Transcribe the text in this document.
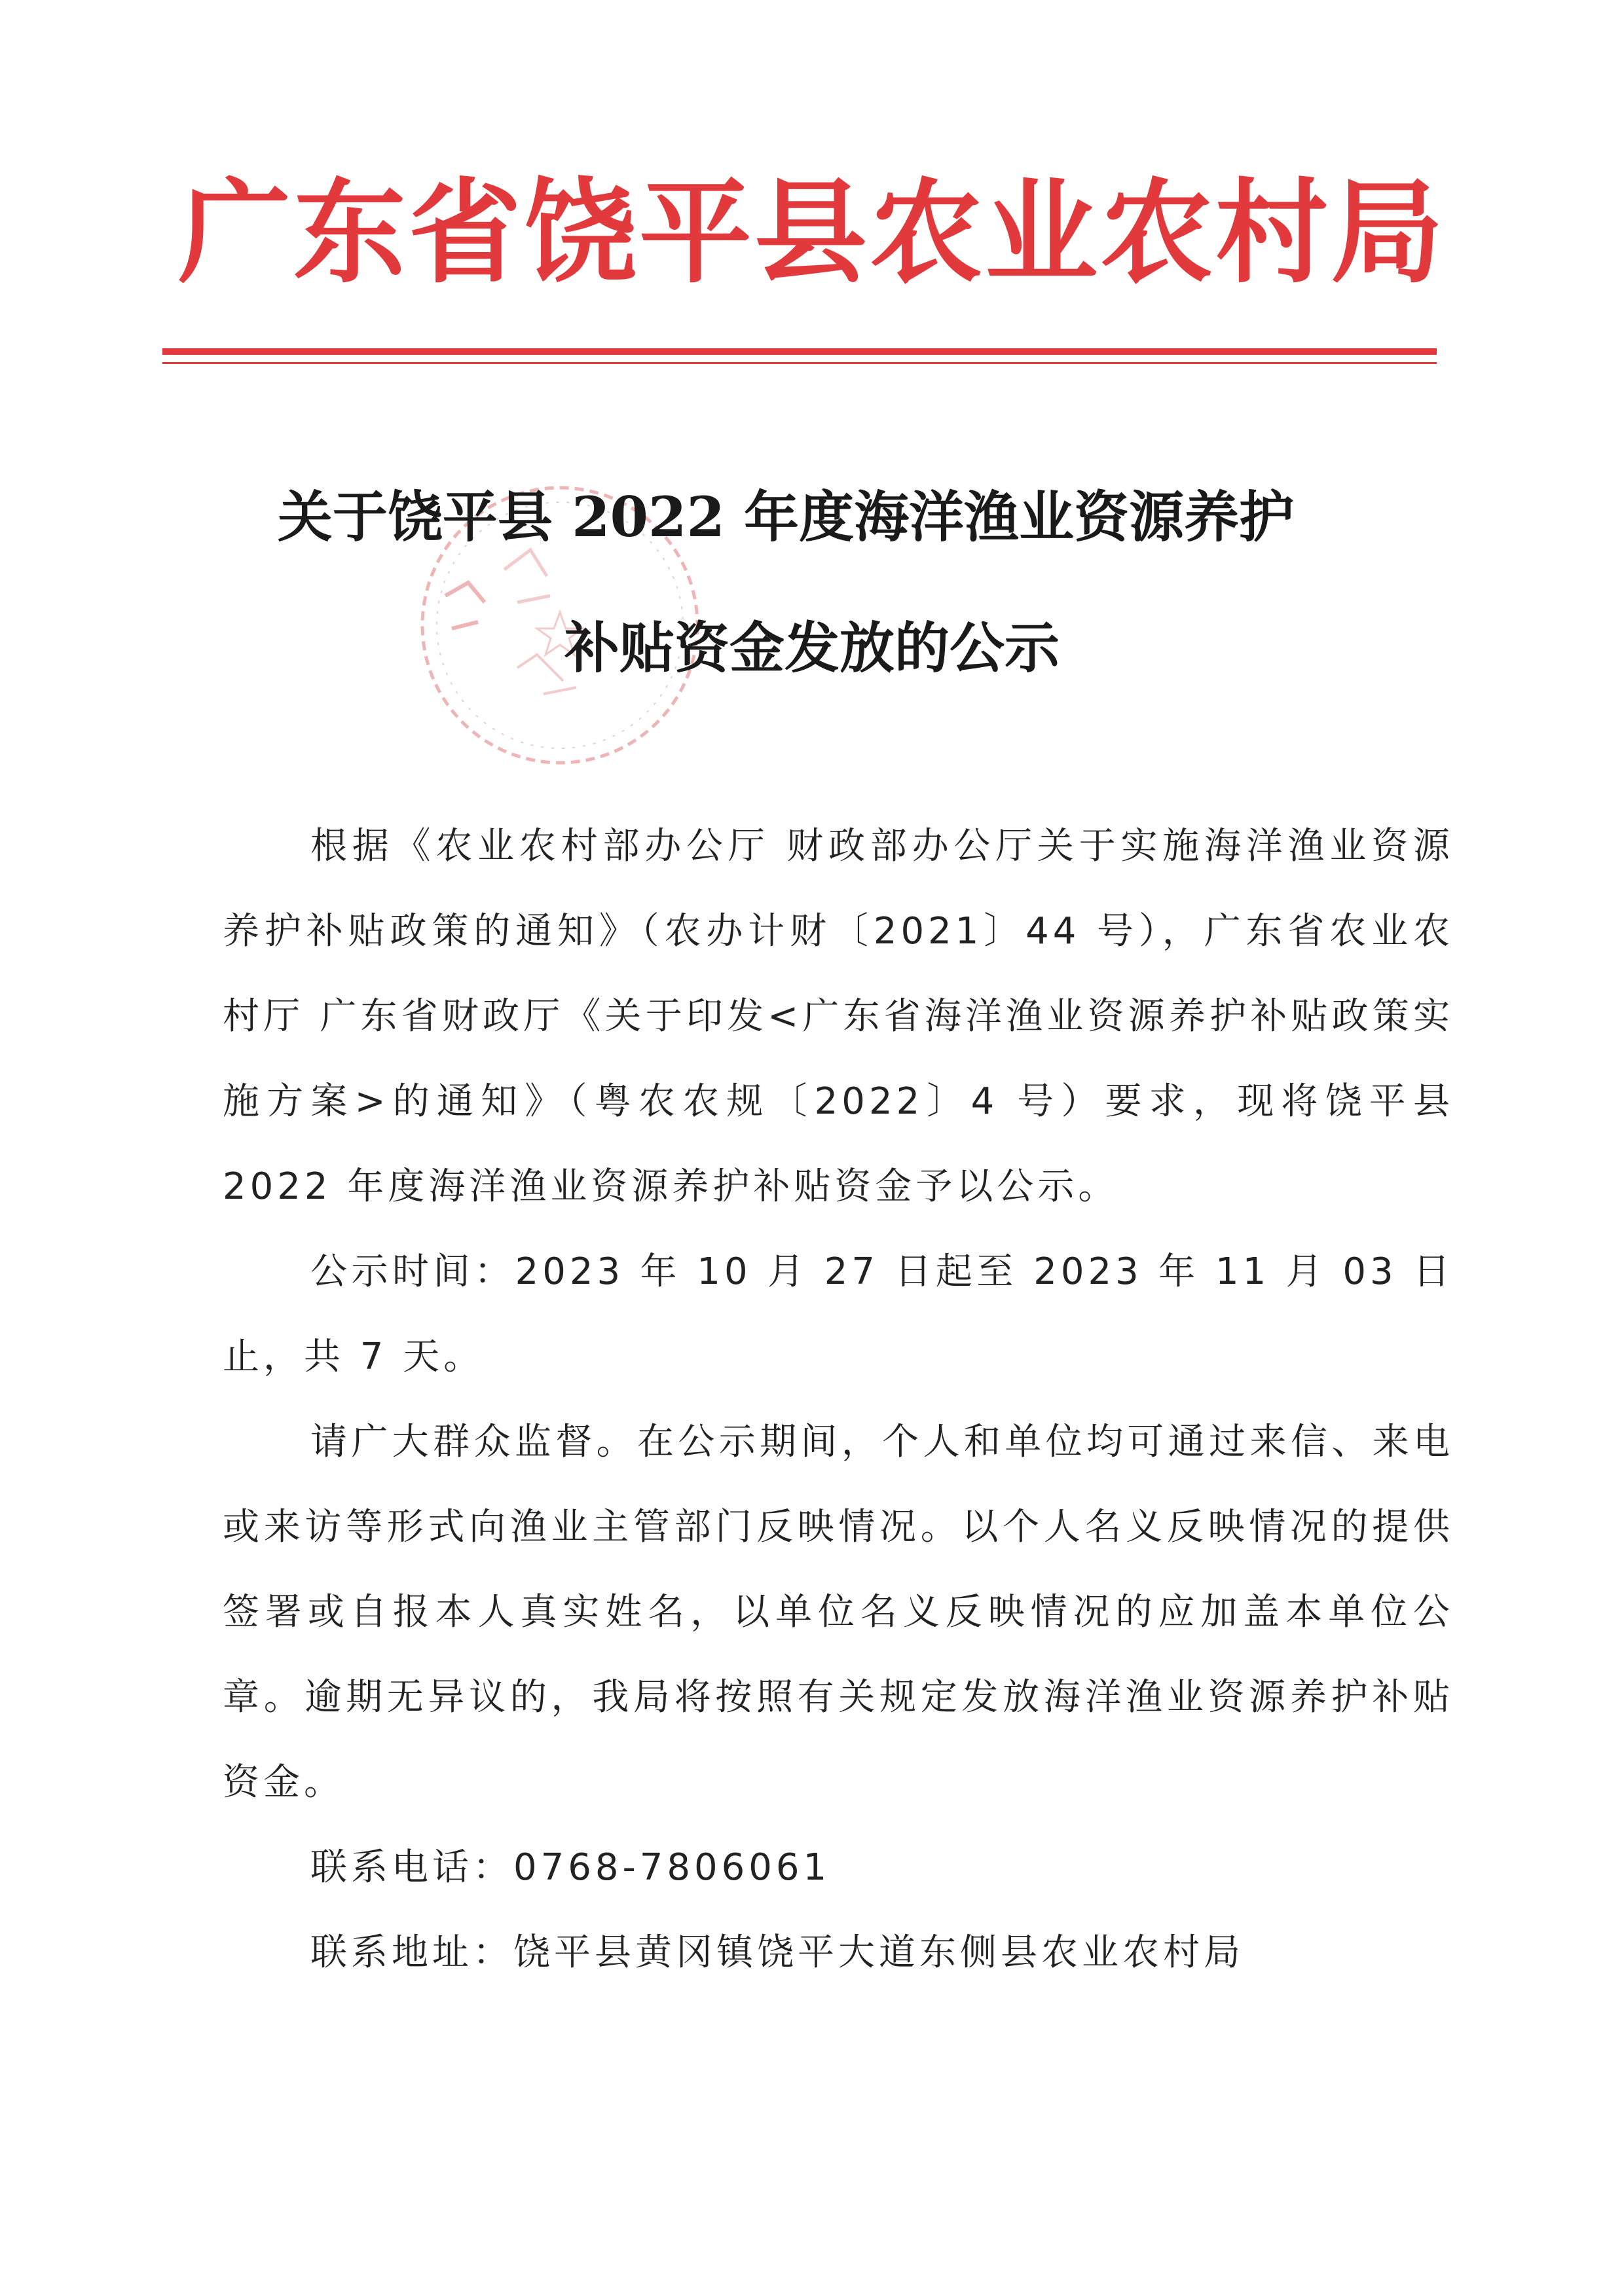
广东省饶平县农业农村局
关于饶平县 2022 年度海洋渔业资源养护
补贴资金发放的公示

根据《农业农村部办公厅 财政部办公厅关于实施海洋渔业资源养护补贴政策的通知》（农办计财〔2021〕44 号），广东省农业农村厅 广东省财政厅《关于印发<广东省海洋渔业资源养护补贴政策实施方案>的通知》（粤农农规〔2022〕4 号）要求，现将饶平县 2022 年度海洋渔业资源养护补贴资金予以公示。

公示时间：2023 年 10 月 27 日起至 2023 年 11 月 03 日止，共 7 天。

请广大群众监督。在公示期间，个人和单位均可通过来信、来电或来访等形式向渔业主管部门反映情况。以个人名义反映情况的提供签署或自报本人真实姓名，以单位名义反映情况的应加盖本单位公章。逾期无异议的，我局将按照有关规定发放海洋渔业资源养护补贴资金。

联系电话：0768-7806061

联系地址：饶平县黄冈镇饶平大道东侧县农业农村局
